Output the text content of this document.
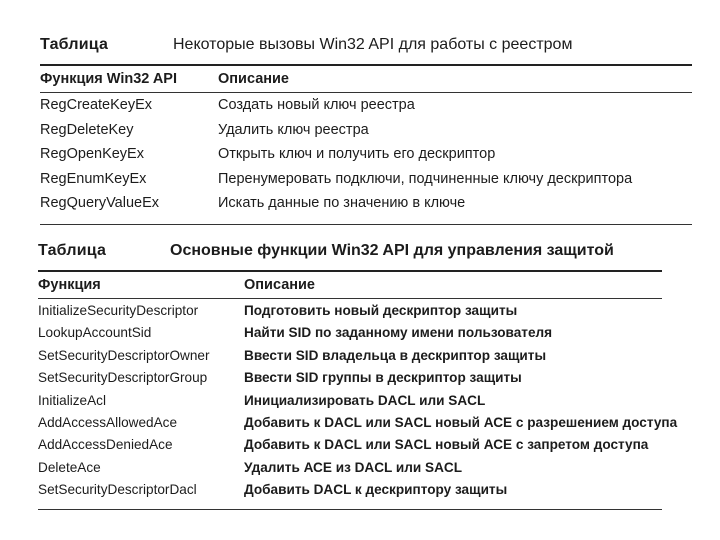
Таблица	Некоторые вызовы Win32 API для работы с реестром
Функция Win32 API	Описание
RegCreateKeyEx	Создать новый ключ реестра
RegDeleteKey	Удалить ключ реестра
RegOpenKeyEx	Открыть ключ и получить его дескриптор
RegEnumKeyEx	Перенумеровать подключи, подчиненные ключу дескриптора
RegQueryValueEx	Искать данные по значению в ключе
Таблица	Основные функции Win32 API для управления защитой
Функция	Описание
InitializeSecurityDescriptor	Подготовить новый дескриптор защиты
LookupAccountSid	Найти SID по заданному имени пользователя
SetSecurityDescriptorOwner	Ввести SID владельца в дескриптор защиты
SetSecurityDescriptorGroup	Ввести SID группы в дескриптор защиты
InitializeAcl	Инициализировать DACL или SACL
AddAccessAllowedAce	Добавить к DACL или SACL новый АСЕ с разрешением доступа
AddAccessDeniedAce	Добавить к DACL или SACL новый АСЕ с запретом доступа
DeleteAce	Удалить АСЕ из DACL или SACL
SetSecurityDescriptorDacl	Добавить DACL к дескриптору защиты
